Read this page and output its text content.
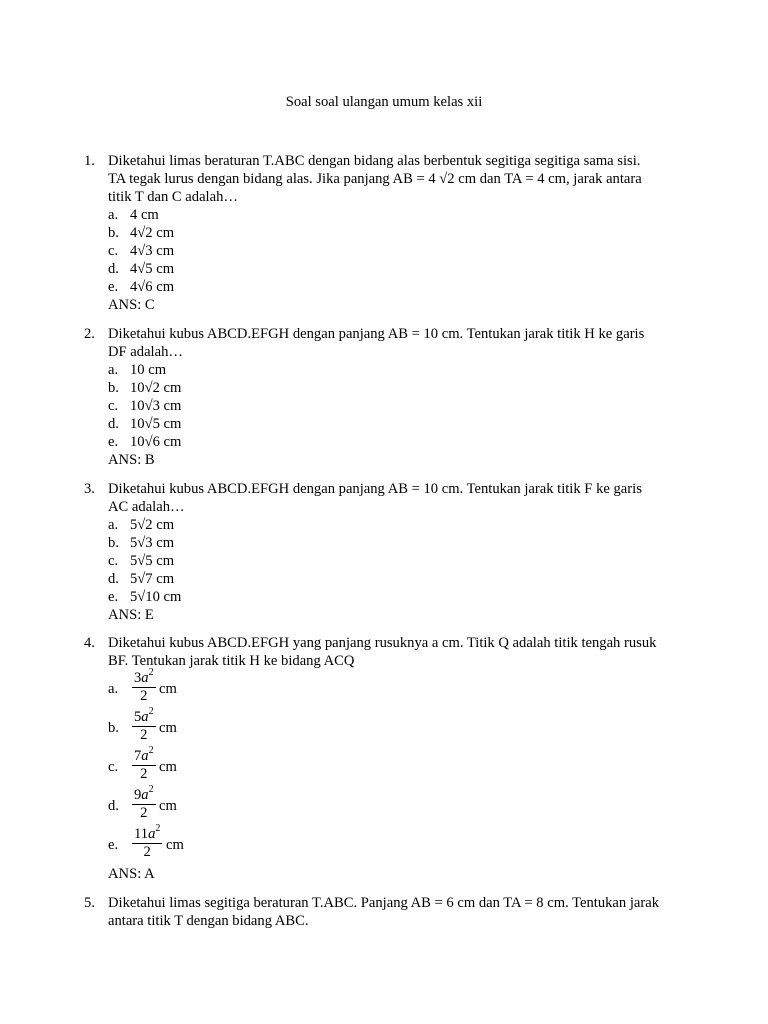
Soal soal ulangan umum kelas xii
1. Diketahui limas beraturan T.ABC dengan bidang alas berbentuk segitiga segitiga sama sisi.
TA tegak lurus dengan bidang alas. Jika panjang AB = 4 √2 cm dan TA = 4 cm, jarak antara
titik T dan C adalah…
a. 4 cm
b. 4√2 cm
c. 4√3 cm
d. 4√5 cm
e. 4√6 cm
ANS: C
2. Diketahui kubus ABCD.EFGH dengan panjang AB = 10 cm. Tentukan jarak titik H ke garis
DF adalah…
a. 10 cm
b. 10√2 cm
c. 10√3 cm
d. 10√5 cm
e. 10√6 cm
ANS: B
3. Diketahui kubus ABCD.EFGH dengan panjang AB = 10 cm. Tentukan jarak titik F ke garis
AC adalah…
a. 5√2 cm
b. 5√3 cm
c. 5√5 cm
d. 5√7 cm
e. 5√10 cm
ANS: E
4. Diketahui kubus ABCD.EFGH yang panjang rusuknya a cm. Titik Q adalah titik tengah rusuk
BF. Tentukan jarak titik H ke bidang ACQ
a. $\frac{3a^2}{2}$ cm
b. $\frac{5a^2}{2}$ cm
c. $\frac{7a^2}{2}$ cm
d. $\frac{9a^2}{2}$ cm
e. $\frac{11a^2}{2}$ cm
ANS: A
5. Diketahui limas segitiga beraturan T.ABC. Panjang AB = 6 cm dan TA = 8 cm. Tentukan jarak
antara titik T dengan bidang ABC.
